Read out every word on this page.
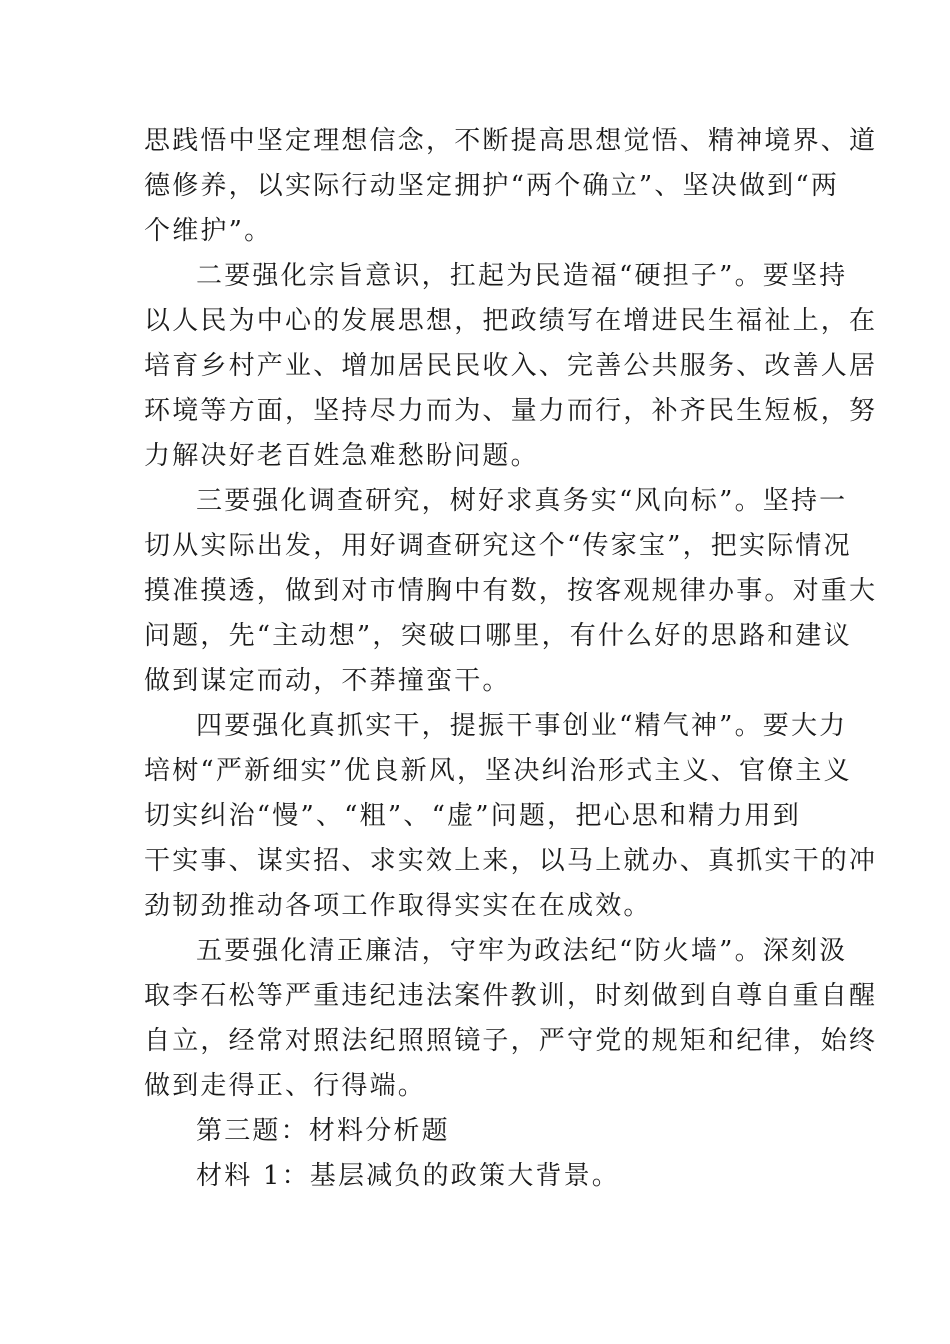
思践悟中坚定理想信念，不断提高思想觉悟、精神境界、道
德修养，以实际行动坚定拥护“两个确立”、坚决做到“两
个维护”。
二要强化宗旨意识，扛起为民造福“硬担子”。要坚持
以人民为中心的发展思想，把政绩写在增进民生福祉上，在
培育乡村产业、增加居民民收入、完善公共服务、改善人居
环境等方面，坚持尽力而为、量力而行，补齐民生短板，努
力解决好老百姓急难愁盼问题。
三要强化调查研究，树好求真务实“风向标”。坚持一
切从实际出发，用好调查研究这个“传家宝”，把实际情况
摸准摸透，做到对市情胸中有数，按客观规律办事。对重大
问题，先“主动想”，突破口哪里，有什么好的思路和建议
做到谋定而动，不莽撞蛮干。
四要强化真抓实干，提振干事创业“精气神”。要大力
培树“严新细实”优良新风，坚决纠治形式主义、官僚主义
切实纠治“慢”、“粗”、“虚”问题，把心思和精力用到
干实事、谋实招、求实效上来，以马上就办、真抓实干的冲
劲韧劲推动各项工作取得实实在在成效。
五要强化清正廉洁，守牢为政法纪“防火墙”。深刻汲
取李石松等严重违纪违法案件教训，时刻做到自尊自重自醒
自立，经常对照法纪照照镜子，严守党的规矩和纪律，始终
做到走得正、行得端。
第三题：材料分析题
材料 1：基层减负的政策大背景。
